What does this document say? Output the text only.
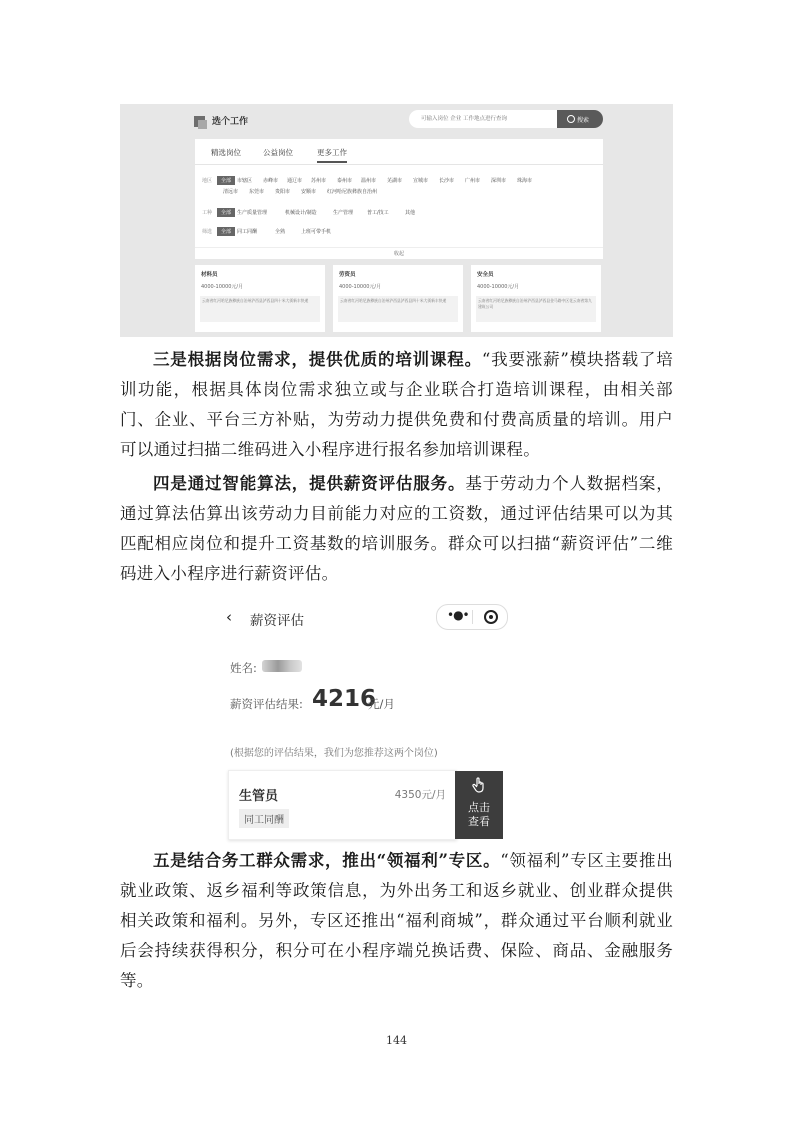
选个工作	可输入岗位 企业 工作地点进行查询	搜索
精选岗位	公益岗位	更多工作
地区	全部	市辖区 赤峰市 通辽市 苏州市 泰州市 温州市 芜湖市 宣城市 长沙市 广州市 深圳市 珠海市
清远市 东莞市 贵阳市 安顺市 红河哈尼族彝族自治州
工种	全部	生产质量管理	机械设计/制造	生产管理	普工/技工	其他
筛选	全部	同工同酬	全熟	上班可带手机
收起
材料员
4000-10000元/月
云南省红河哈尼族彝族自治州泸西县泸西县四十米大街新丰快递
劳资员
4000-10000元/月
云南省红河哈尼族彝族自治州泸西县泸西县四十米大街新丰快递
安全员
4000-10000元/月
云南省红河哈尼族彝族自治州泸西县泸西县金马路中区花云南省第九建筑公司

三是根据岗位需求，提供优质的培训课程。“我要涨薪”模块搭载了培训功能，根据具体岗位需求独立或与企业联合打造培训课程，由相关部门、企业、平台三方补贴，为劳动力提供免费和付费高质量的培训。用户可以通过扫描二维码进入小程序进行报名参加培训课程。

四是通过智能算法，提供薪资评估服务。基于劳动力个人数据档案，通过算法估算出该劳动力目前能力对应的工资数，通过评估结果可以为其匹配相应岗位和提升工资基数的培训服务。群众可以扫描“薪资评估”二维码进入小程序进行薪资评估。

‹ 薪资评估	•●•
姓名:
薪资评估结果: 4216
元/月
(根据您的评估结果，我们为您推荐这两个岗位)
生管员	4350元/月
同工同酬
点击
查看

五是结合务工群众需求，推出“领福利”专区。“领福利”专区主要推出就业政策、返乡福利等政策信息，为外出务工和返乡就业、创业群众提供相关政策和福利。另外，专区还推出“福利商城”，群众通过平台顺利就业后会持续获得积分，积分可在小程序端兑换话费、保险、商品、金融服务等。

144
